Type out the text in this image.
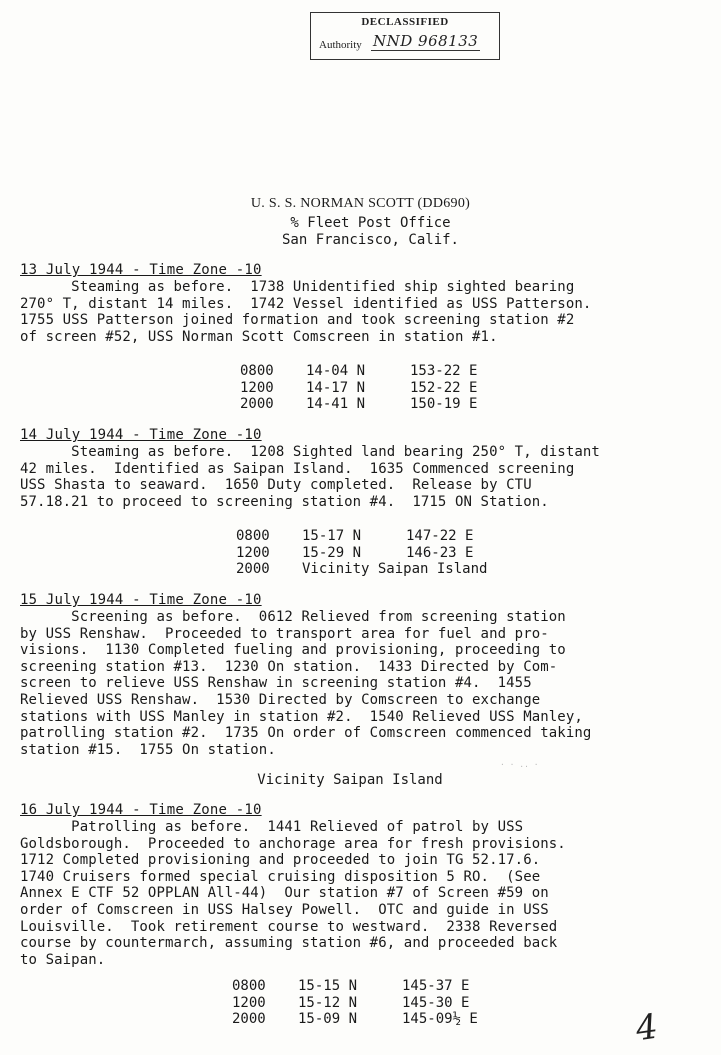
DECLASSIFIED
Authority NND 968133
U. S. S. NORMAN SCOTT (DD690)
% Fleet Post Office
San Francisco, Calif.
13 July 1944 - Time Zone -10
Steaming as before.  1738 Unidentified ship sighted bearing
270° T, distant 14 miles.  1742 Vessel identified as USS Patterson.
1755 USS Patterson joined formation and took screening station #2
of screen #52, USS Norman Scott Comscreen in station #1.
0800	14-04 N	153-22 E
1200	14-17 N	152-22 E
2000	14-41 N	150-19 E
14 July 1944 - Time Zone -10
Steaming as before.  1208 Sighted land bearing 250° T, distant
42 miles.  Identified as Saipan Island.  1635 Commenced screening
USS Shasta to seaward.  1650 Duty completed.  Release by CTU
57.18.21 to proceed to screening station #4.  1715 ON Station.
0800	15-17 N	147-22 E
1200	15-29 N	146-23 E
2000	Vicinity Saipan Island
15 July 1944 - Time Zone -10
Screening as before.  0612 Relieved from screening station
by USS Renshaw.  Proceeded to transport area for fuel and pro-
visions.  1130 Completed fueling and provisioning, proceeding to
screening station #13.  1230 On station.  1433 Directed by Com-
screen to relieve USS Renshaw in screening station #4.  1455
Relieved USS Renshaw.  1530 Directed by Comscreen to exchange
stations with USS Manley in station #2.  1540 Relieved USS Manley,
patrolling station #2.  1735 On order of Comscreen commenced taking
station #15.  1755 On station.
Vicinity Saipan Island
· · .. ·
16 July 1944 - Time Zone -10
Patrolling as before.  1441 Relieved of patrol by USS
Goldsborough.  Proceeded to anchorage area for fresh provisions.
1712 Completed provisioning and proceeded to join TG 52.17.6.
1740 Cruisers formed special cruising disposition 5 RO.  (See
Annex E CTF 52 OPPLAN All-44)  Our station #7 of Screen #59 on
order of Comscreen in USS Halsey Powell.  OTC and guide in USS
Louisville.  Took retirement course to westward.  2338 Reversed
course by countermarch, assuming station #6, and proceeded back
to Saipan.
0800	15-15 N	145-37 E
1200	15-12 N	145-30 E
2000	15-09 N	145-09½ E	4
